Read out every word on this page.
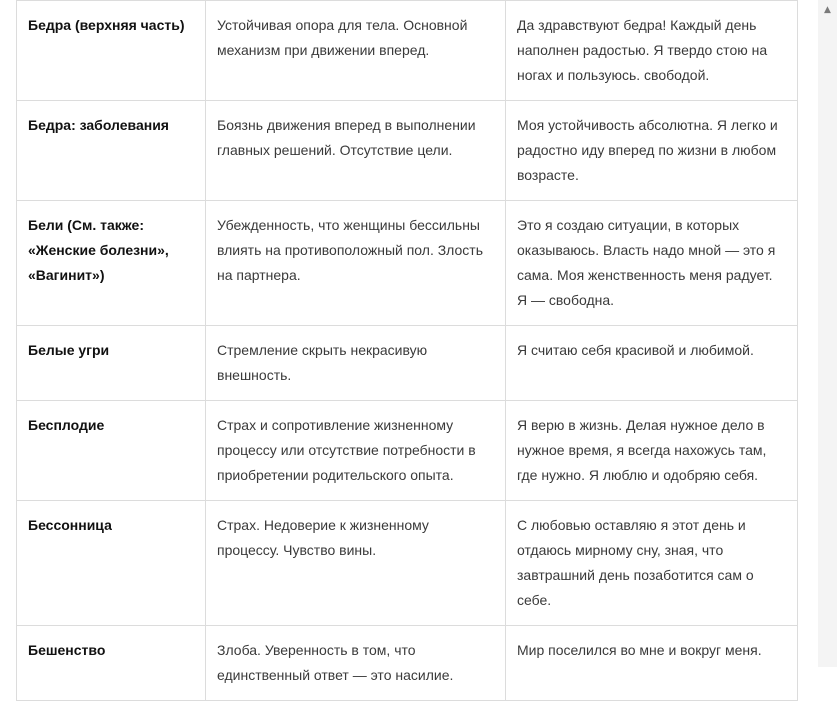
Бедра (верхняя часть)	Устойчивая опора для тела. Основной механизм при движении вперед.	Да здравствуют бедра! Каждый день наполнен радостью. Я твердо стою на ногах и пользуюсь. свободой.
Бедра: заболевания	Боязнь движения вперед в выполнении главных решений. Отсутствие цели.	Моя устойчивость абсолютна. Я легко и радостно иду вперед по жизни в любом возрасте.
Бели (См. также: «Женские болезни», «Вагинит»)	Убежденность, что женщины бессильны влиять на противоположный пол. Злость на партнера.	Это я создаю ситуации, в которых оказываюсь. Власть надо мной — это я сама. Моя женственность меня радует. Я — свободна.
Белые угри	Стремление скрыть некрасивую внешность.	Я считаю себя красивой и любимой.
Бесплодие	Страх и сопротивление жизненному процессу или отсутствие потребности в приобретении родительского опыта.	Я верю в жизнь. Делая нужное дело в нужное время, я всегда нахожусь там, где нужно. Я люблю и одобряю себя.
Бессонница	Страх. Недоверие к жизненному процессу. Чувство вины.	С любовью оставляю я этот день и отдаюсь мирному сну, зная, что завтрашний день позаботится сам о себе.
Бешенство	Злоба. Уверенность в том, что единственный ответ — это насилие.	Мир поселился во мне и вокруг меня.
▲
